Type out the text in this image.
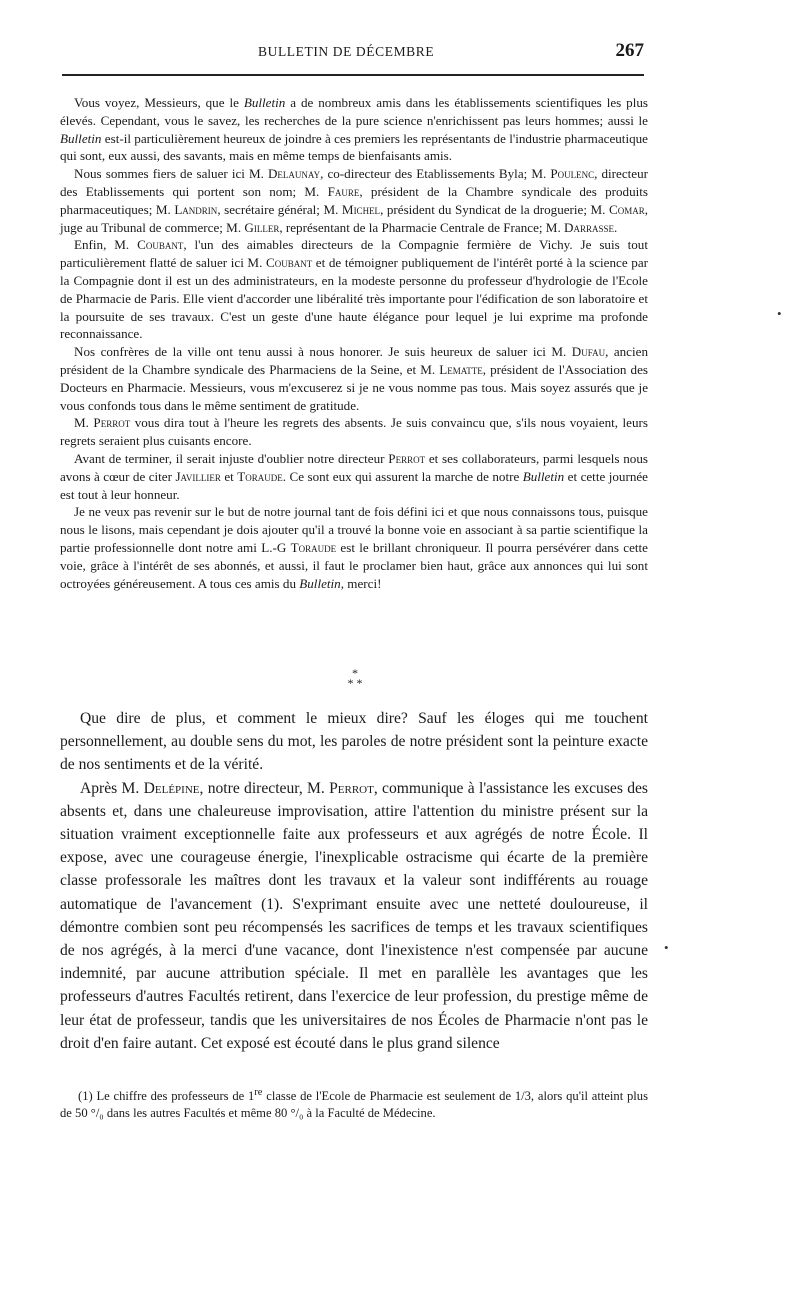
BULLETIN DE DÉCEMBRE	267

Vous voyez, Messieurs, que le Bulletin a de nombreux amis dans les établissements scientifiques les plus élevés. Cependant, vous le savez, les recherches de la pure science n'enrichissent pas leurs hommes; aussi le Bulletin est-il particulièrement heureux de joindre à ces premiers les représentants de l'industrie pharmaceutique qui sont, eux aussi, des savants, mais en même temps de bienfaisants amis.

Nous sommes fiers de saluer ici M. Delaunay, co-directeur des Etablissements Byla; M. Poulenc, directeur des Etablissements qui portent son nom; M. Faure, président de la Chambre syndicale des produits pharmaceutiques; M. Landrin, secrétaire général; M. Michel, président du Syndicat de la droguerie; M. Comar, juge au Tribunal de commerce; M. Giller, représentant de la Pharmacie Centrale de France; M. Darrasse.

Enfin, M. Coubant, l'un des aimables directeurs de la Compagnie fermière de Vichy. Je suis tout particulièrement flatté de saluer ici M. Coubant et de témoigner publiquement de l'intérêt porté à la science par la Compagnie dont il est un des administrateurs, en la modeste personne du professeur d'hydrologie de l'Ecole de Pharmacie de Paris. Elle vient d'accorder une libéralité très importante pour l'édification de son laboratoire et la poursuite de ses travaux. C'est un geste d'une haute élégance pour lequel je lui exprime ma profonde reconnaissance.

Nos confrères de la ville ont tenu aussi à nous honorer. Je suis heureux de saluer ici M. Dufau, ancien président de la Chambre syndicale des Pharmaciens de la Seine, et M. Lematte, président de l'Association des Docteurs en Pharmacie. Messieurs, vous m'excuserez si je ne vous nomme pas tous. Mais soyez assurés que je vous confonds tous dans le même sentiment de gratitude.

M. Perrot vous dira tout à l'heure les regrets des absents. Je suis convaincu que, s'ils nous voyaient, leurs regrets seraient plus cuisants encore.

Avant de terminer, il serait injuste d'oublier notre directeur Perrot et ses collaborateurs, parmi lesquels nous avons à cœur de citer Javillier et Toraude. Ce sont eux qui assurent la marche de notre Bulletin et cette journée est tout à leur honneur.

Je ne veux pas revenir sur le but de notre journal tant de fois défini ici et que nous connaissons tous, puisque nous le lisons, mais cependant je dois ajouter qu'il a trouvé la bonne voie en associant à sa partie scientifique la partie professionnelle dont notre ami L.-G Toraude est le brillant chroniqueur. Il pourra persévérer dans cette voie, grâce à l'intérêt de ses abonnés, et aussi, il faut le proclamer bien haut, grâce aux annonces qui lui sont octroyées généreusement. A tous ces amis du Bulletin, merci!

*
* *

Que dire de plus, et comment le mieux dire? Sauf les éloges qui me touchent personnellement, au double sens du mot, les paroles de notre président sont la peinture exacte de nos sentiments et de la vérité.

Après M. Delépine, notre directeur, M. Perrot, communique à l'assistance les excuses des absents et, dans une chaleureuse improvisation, attire l'attention du ministre présent sur la situation vraiment exceptionnelle faite aux professeurs et aux agrégés de notre École. Il expose, avec une courageuse énergie, l'inexplicable ostracisme qui écarte de la première classe professorale les maîtres dont les travaux et la valeur sont indifférents au rouage automatique de l'avancement (1). S'exprimant ensuite avec une netteté douloureuse, il démontre combien sont peu récompensés les sacrifices de temps et les travaux scientifiques de nos agrégés, à la merci d'une vacance, dont l'inexistence n'est compensée par aucune indemnité, par aucune attribution spéciale. Il met en parallèle les avantages que les professeurs d'autres Facultés retirent, dans l'exercice de leur profession, du prestige même de leur état de professeur, tandis que les universitaires de nos Écoles de Pharmacie n'ont pas le droit d'en faire autant. Cet exposé est écouté dans le plus grand silence

(1) Le chiffre des professeurs de 1re classe de l'Ecole de Pharmacie est seulement de 1/3, alors qu'il atteint plus de 50 °/₀ dans les autres Facultés et même 80 °/₀ à la Faculté de Médecine.

•
•
